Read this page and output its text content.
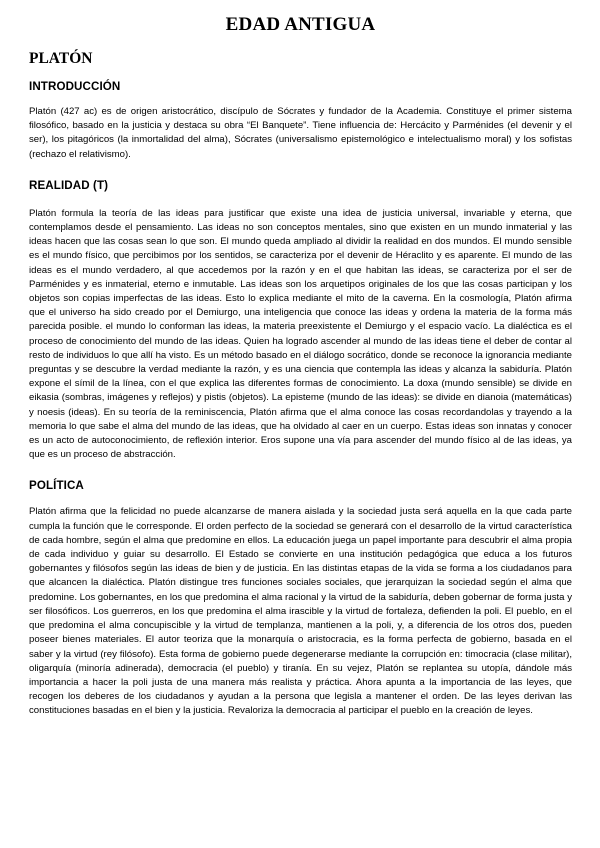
EDAD ANTIGUA
PLATÓN
INTRODUCCIÓN

Platón (427 ac) es de origen aristocrático, discípulo de Sócrates y fundador de la Academia. Constituye el primer sistema filosófico, basado en la justicia y destaca su obra “El Banquete”. Tiene influencia de: Hercácito y Parménides (el devenir y el ser), los pitagóricos (la inmortalidad del alma), Sócrates (universalismo epistemológico e intelectualismo moral) y los sofistas (rechazo el relativismo).

REALIDAD (T)

Platón formula la teoría de las ideas para justificar que existe una idea de justicia universal, invariable y eterna, que contemplamos desde el pensamiento. Las ideas no son conceptos mentales, sino que existen en un mundo inmaterial y las ideas hacen que las cosas sean lo que son. El mundo queda ampliado al dividir la realidad en dos mundos. El mundo sensible es el mundo físico, que percibimos por los sentidos, se caracteriza por el devenir de Héraclito y es aparente. El mundo de las ideas es el mundo verdadero, al que accedemos por la razón y en el que habitan las ideas, se caracteriza por el ser de Parménides y es inmaterial, eterno e inmutable. Las ideas son los arquetipos originales de los que las cosas participan y los objetos son copias imperfectas de las ideas. Esto lo explica mediante el mito de la caverna. En la cosmología, Platón afirma que el universo ha sido creado por el Demiurgo, una inteligencia que conoce las ideas y ordena la materia de la forma más parecida posible. el mundo lo conforman las ideas, la materia preexistente el Demiurgo y el espacio vacío. La dialéctica es el proceso de conocimiento del mundo de las ideas. Quien ha logrado ascender al mundo de las ideas tiene el deber de contar al resto de individuos lo que allí ha visto. Es un método basado en el diálogo socrático, donde se reconoce la ignorancia mediante preguntas y se descubre la verdad mediante la razón, y es una ciencia que contempla las ideas y alcanza la sabiduría. Platón expone el símil de la línea, con el que explica las diferentes formas de conocimiento. La doxa (mundo sensible) se divide en eikasia (sombras, imágenes y reflejos) y pistis (objetos). La episteme (mundo de las ideas): se divide en dianoia (matemáticas) y noesis (ideas). En su teoría de la reminiscencia, Platón afirma que el alma conoce las cosas recordandolas y trayendo a la memoria lo que sabe el alma del mundo de las ideas, que ha olvidado al caer en un cuerpo. Estas ideas son innatas y conocer es un acto de autoconocimiento, de reflexión interior. Eros supone una vía para ascender del mundo físico al de las ideas, ya que es un proceso de abstracción.

POLÍTICA

Platón afirma que la felicidad no puede alcanzarse de manera aislada y la sociedad justa será aquella en la que cada parte cumpla la función que le corresponde. El orden perfecto de la sociedad se generará con el desarrollo de la virtud característica de cada hombre, según el alma que predomine en ellos. La educación juega un papel importante para descubrir el alma propia de cada individuo y guiar su desarrollo. El Estado se convierte en una institución pedagógica que educa a los futuros gobernantes y filósofos según las ideas de bien y de justicia. En las distintas etapas de la vida se forma a los ciudadanos para que alcancen la dialéctica. Platón distingue tres funciones sociales sociales, que jerarquizan la sociedad según el alma que predomine. Los gobernantes, en los que predomina el alma racional y la virtud de la sabiduría, deben gobernar de forma justa y ser filosóficos. Los guerreros, en los que predomina el alma irascible y la virtud de fortaleza, defienden la poli. El pueblo, en el que predomina el alma concupiscible y la virtud de templanza, mantienen a la poli, y, a diferencia de los otros dos, pueden poseer bienes materiales. El autor teoriza que la monarquía o aristocracia, es la forma perfecta de gobierno, basada en el saber y la virtud (rey filósofo). Esta forma de gobierno puede degenerarse mediante la corrupción en: timocracia (clase militar), oligarquía (minoría adinerada), democracia (el pueblo) y tiranía. En su vejez, Platón se replantea su utopía, dándole más importancia a hacer la poli justa de una manera más realista y práctica. Ahora apunta a la importancia de las leyes, que recogen los deberes de los ciudadanos y ayudan a la persona que legisla a mantener el orden. De las leyes derivan las constituciones basadas en el bien y la justicia. Revaloriza la democracia al participar el pueblo en la creación de leyes.
